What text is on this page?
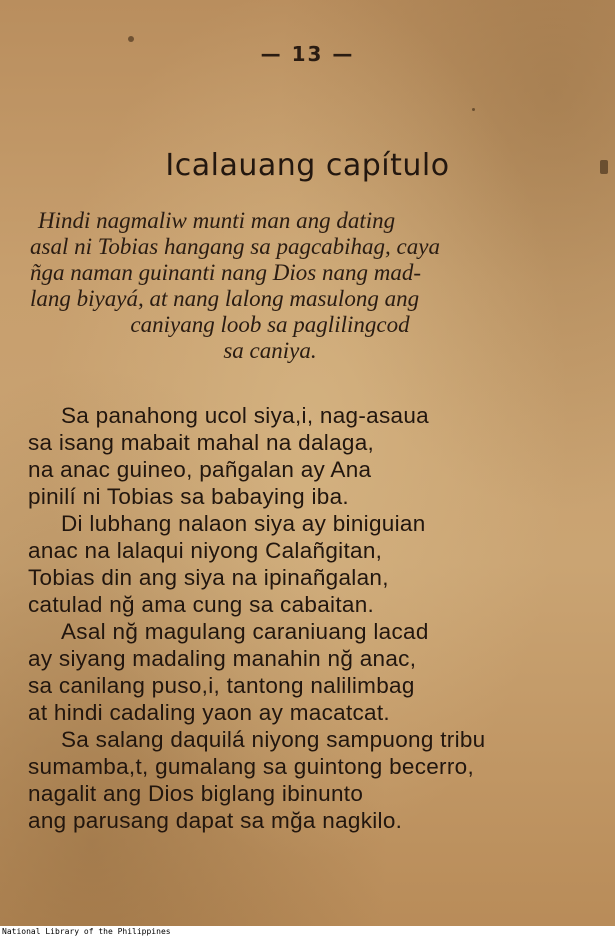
— 13 —
Icalauang capítulo
Hindi nagmaliw munti man ang dating
asal ni Tobias hangang sa pagcabihag, caya
ñga naman guinanti nang Dios nang mad-
lang biyayá, at nang lalong masulong ang
caniyang loob sa paglilingcod
sa caniya.
Sa panahong ucol siya,i, nag-asaua
sa isang mabait mahal na dalaga,
na anac guineo, pañgalan ay Ana
pinilí ni Tobias sa babaying iba.
Di lubhang nalaon siya ay biniguian
anac na lalaqui niyong Calañgitan,
Tobias din ang siya na ipinañgalan,
catulad nğ ama cung sa cabaitan.
Asal nğ magulang caraniuang lacad
ay siyang madaling manahin nğ anac,
sa canilang puso,i, tantong nalilimbag
at hindi cadaling yaon ay macatcat.
Sa salang daquilá niyong sampuong tribu
sumamba,t, gumalang sa guintong becerro,
nagalit ang Dios biglang ibinunto
ang parusang dapat sa mğa nagkilo.
National Library of the Philippines
